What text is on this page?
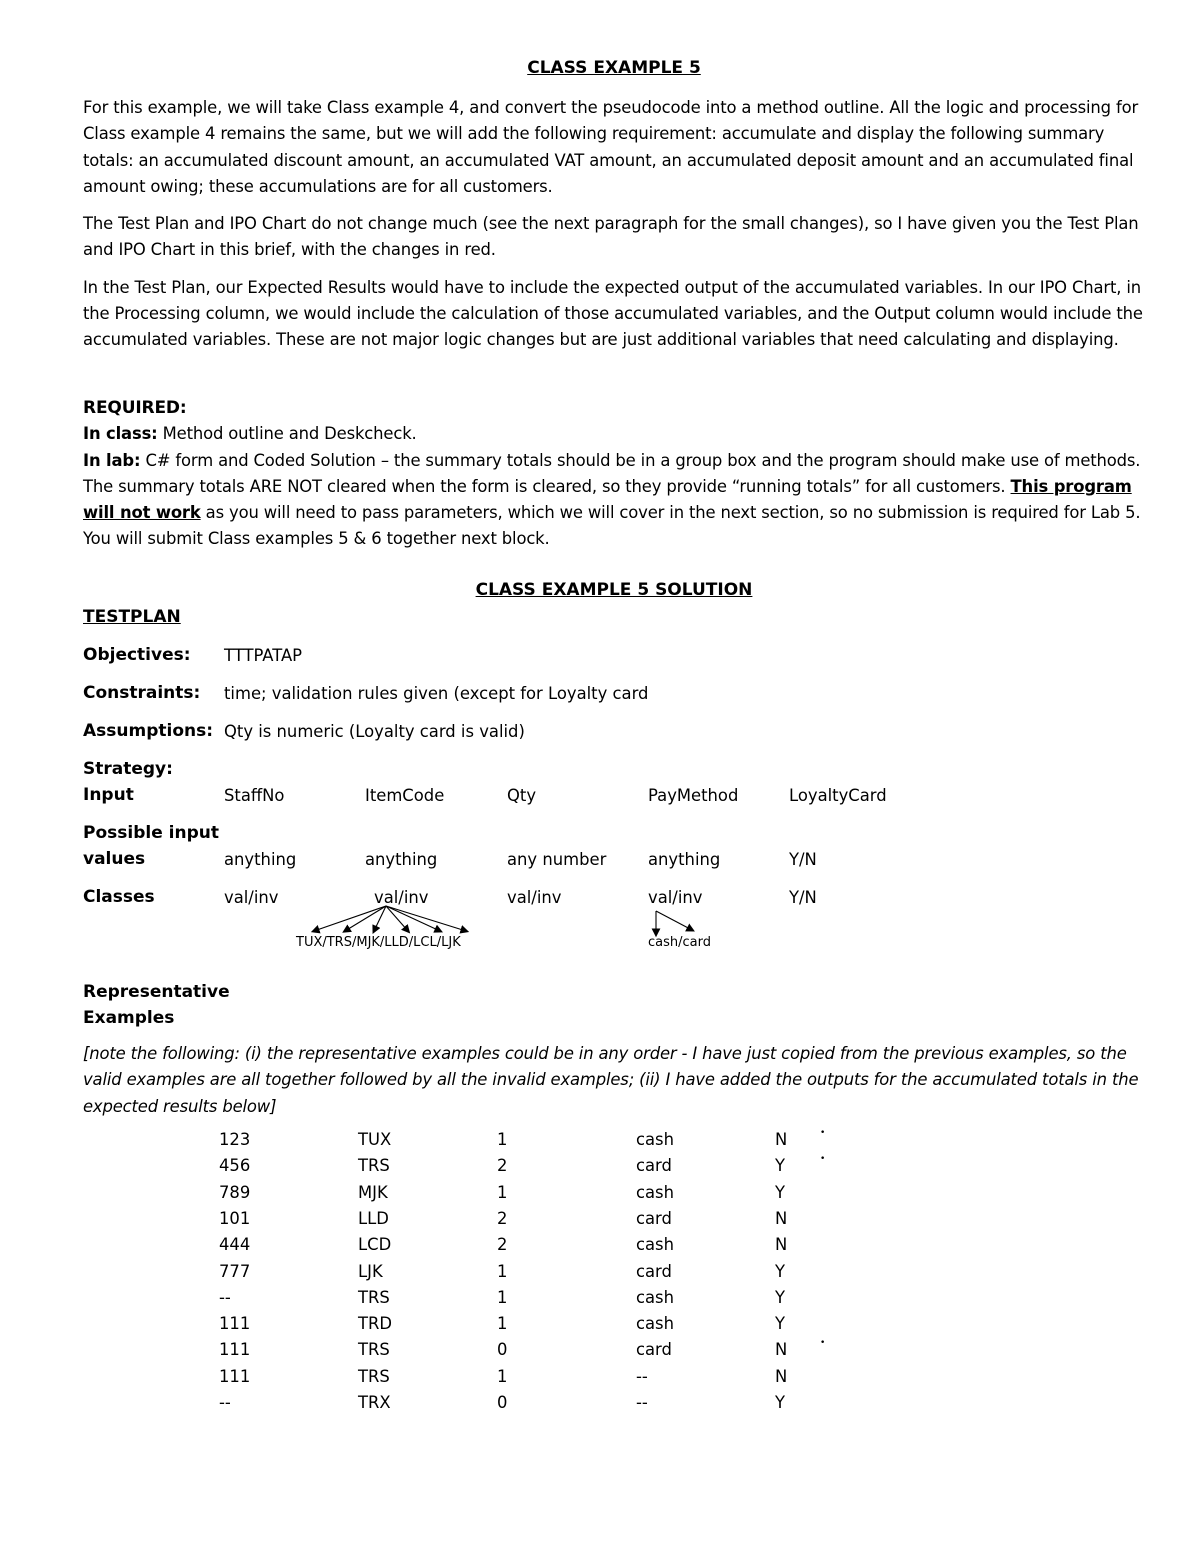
CLASS EXAMPLE 5

For this example, we will take Class example 4, and convert the pseudocode into a method outline. All the logic and processing for Class example 4 remains the same, but we will add the following requirement: accumulate and display the following summary totals: an accumulated discount amount, an accumulated VAT amount, an accumulated deposit amount and an accumulated final amount owing; these accumulations are for all customers.

The Test Plan and IPO Chart do not change much (see the next paragraph for the small changes), so I have given you the Test Plan and IPO Chart in this brief, with the changes in red.

In the Test Plan, our Expected Results would have to include the expected output of the accumulated variables. In our IPO Chart, in the Processing column, we would include the calculation of those accumulated variables, and the Output column would include the accumulated variables. These are not major logic changes but are just additional variables that need calculating and displaying.

REQUIRED:
In class: Method outline and Deskcheck.
In lab: C# form and Coded Solution – the summary totals should be in a group box and the program should make use of methods. The summary totals ARE NOT cleared when the form is cleared, so they provide “running totals” for all customers. This program will not work as you will need to pass parameters, which we will cover in the next section, so no submission is required for Lab 5. You will submit Class examples 5 & 6 together next block.
CLASS EXAMPLE 5 SOLUTION
TESTPLAN
Objectives: TTTPATAP
Constraints: time; validation rules given (except for Loyalty card
Assumptions: Qty is numeric (Loyalty card is valid)
Strategy:
Input	StaffNo	ItemCode	Qty	PayMethod	LoyaltyCard
Possible input
values	anything	anything	any number	anything	Y/N
Classes	val/inv	val/inv	val/inv	val/inv	Y/N
TUX/TRS/MJK/LLD/LCL/LJK	cash/card
Representative
Examples
[note the following: (i) the representative examples could be in any order - I have just copied from the previous examples, so the valid examples are all together followed by all the invalid examples; (ii) I have added the outputs for the accumulated totals in the expected results below]
123	TUX	1	cash	N	•
456	TRS	2	card	Y	•
789	MJK	1	cash	Y
101	LLD	2	card	N
444	LCD	2	cash	N
777	LJK	1	card	Y
--	TRS	1	cash	Y
111	TRD	1	cash	Y
111	TRS	0	card	N	•
111	TRS	1	--	N
--	TRX	0	--	Y
